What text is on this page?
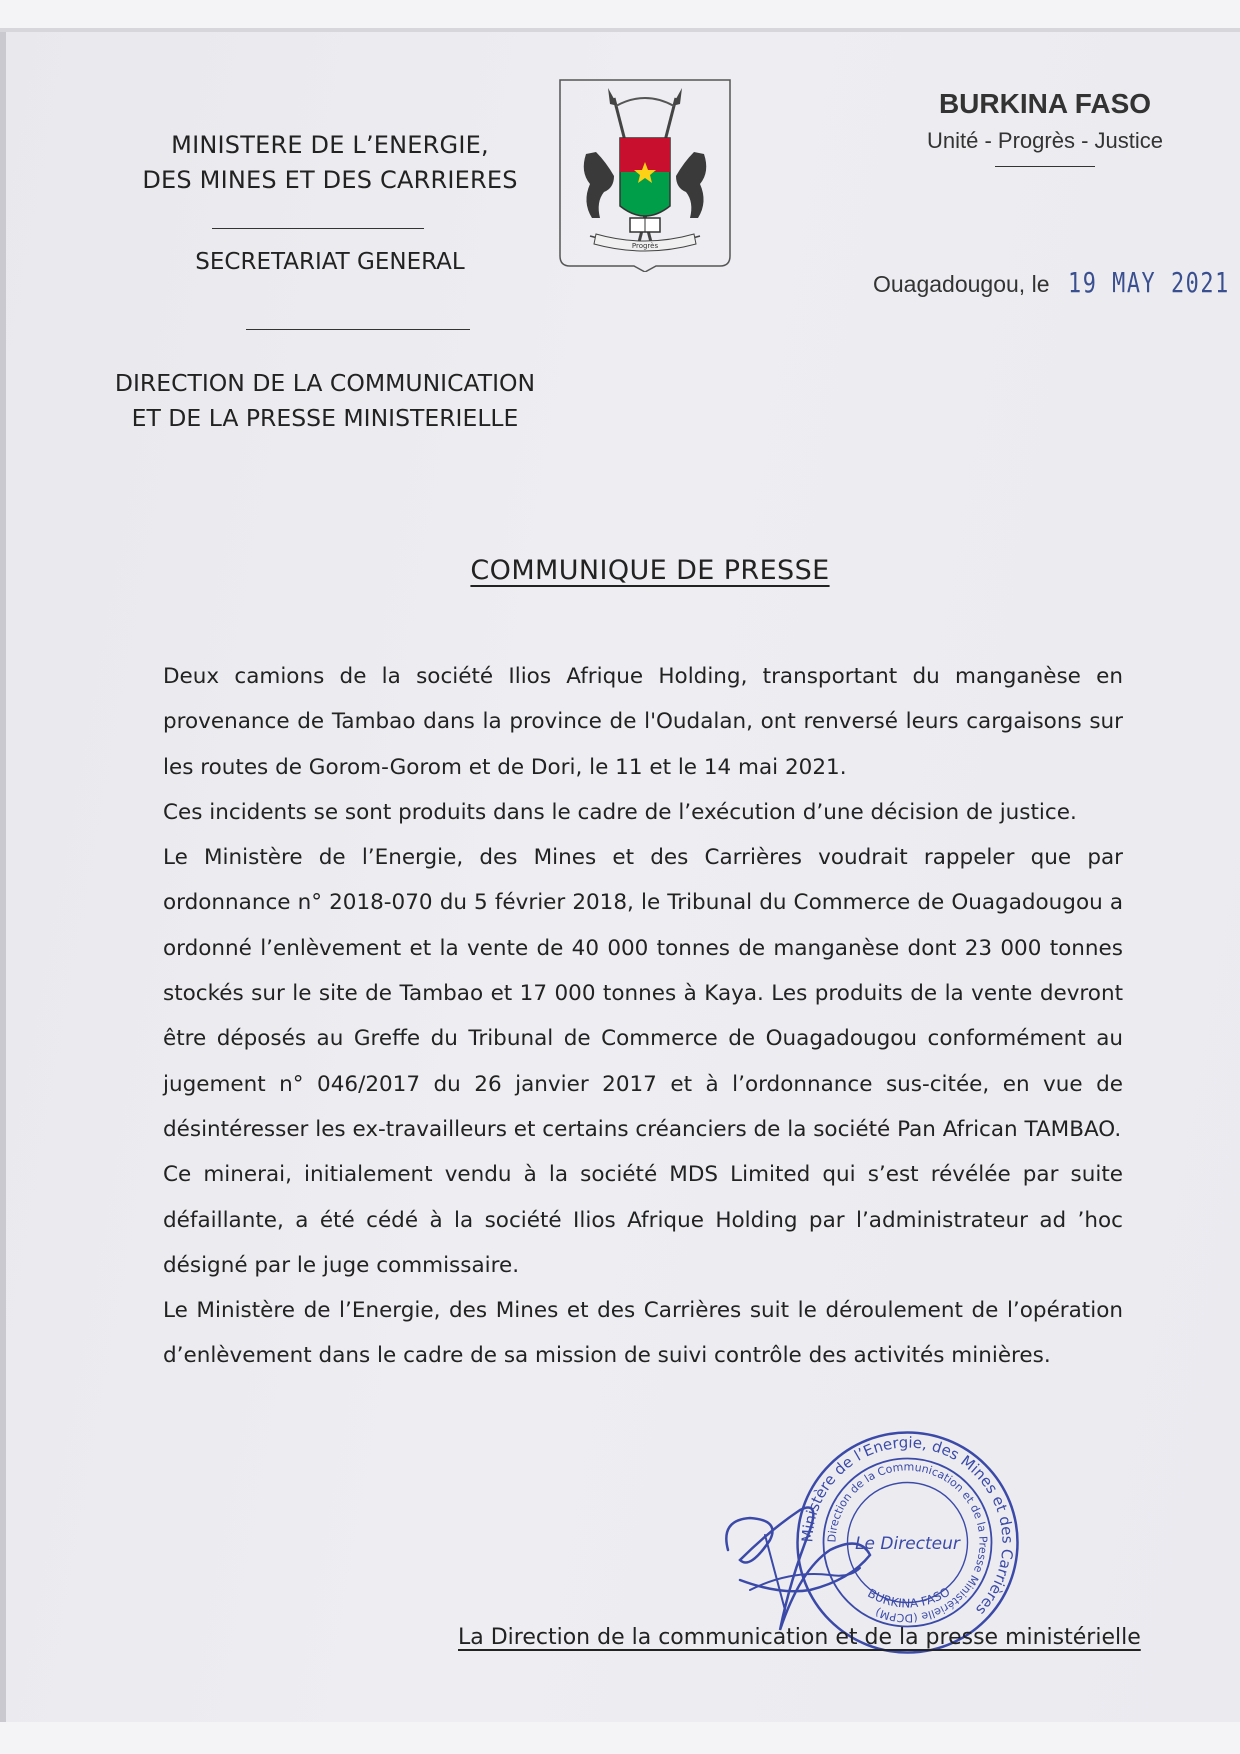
MINISTERE DE L’ENERGIE,
DES MINES ET DES CARRIERES
SECRETARIAT GENERAL
DIRECTION DE LA COMMUNICATION
ET DE LA PRESSE MINISTERIELLE
Progrès
BURKINA FASO
Unité - Progrès - Justice
Ouagadougou, le 19 MAY 2021
COMMUNIQUE DE PRESSE

Deux camions de la société Ilios Afrique Holding, transportant du manganèse en provenance de Tambao dans la province de l'Oudalan, ont renversé leurs cargaisons sur les routes de Gorom-Gorom et de Dori, le 11 et le 14 mai 2021.

Ces incidents se sont produits dans le cadre de l’exécution d’une décision de justice.

Le Ministère de l’Energie, des Mines et des Carrières voudrait rappeler que par ordonnance n° 2018-070 du 5 février 2018, le Tribunal du Commerce de Ouagadougou a ordonné l’enlèvement et la vente de 40 000 tonnes de manganèse dont 23 000 tonnes stockés sur le site de Tambao et 17 000 tonnes à Kaya. Les produits de la vente devront être déposés au Greffe du Tribunal de Commerce de Ouagadougou conformément au jugement n° 046/2017 du 26 janvier 2017 et à l’ordonnance sus-citée, en vue de désintéresser les ex-travailleurs et certains créanciers de la société Pan African TAMBAO.

Ce minerai, initialement vendu à la société MDS Limited qui s’est révélée par suite défaillante, a été cédé à la société Ilios Afrique Holding par l’administrateur ad ’hoc désigné par le juge commissaire.

Le Ministère de l’Energie, des Mines et des Carrières suit le déroulement de l’opération d’enlèvement dans le cadre de sa mission de suivi contrôle des activités minières.

Ministère de l’Energie, des Mines et des Carrières
Direction de la Communication et de la Presse Ministérielle (DCPM)
Le Directeur
BURKINA FASO
La Direction de la communication et de la presse ministérielle
